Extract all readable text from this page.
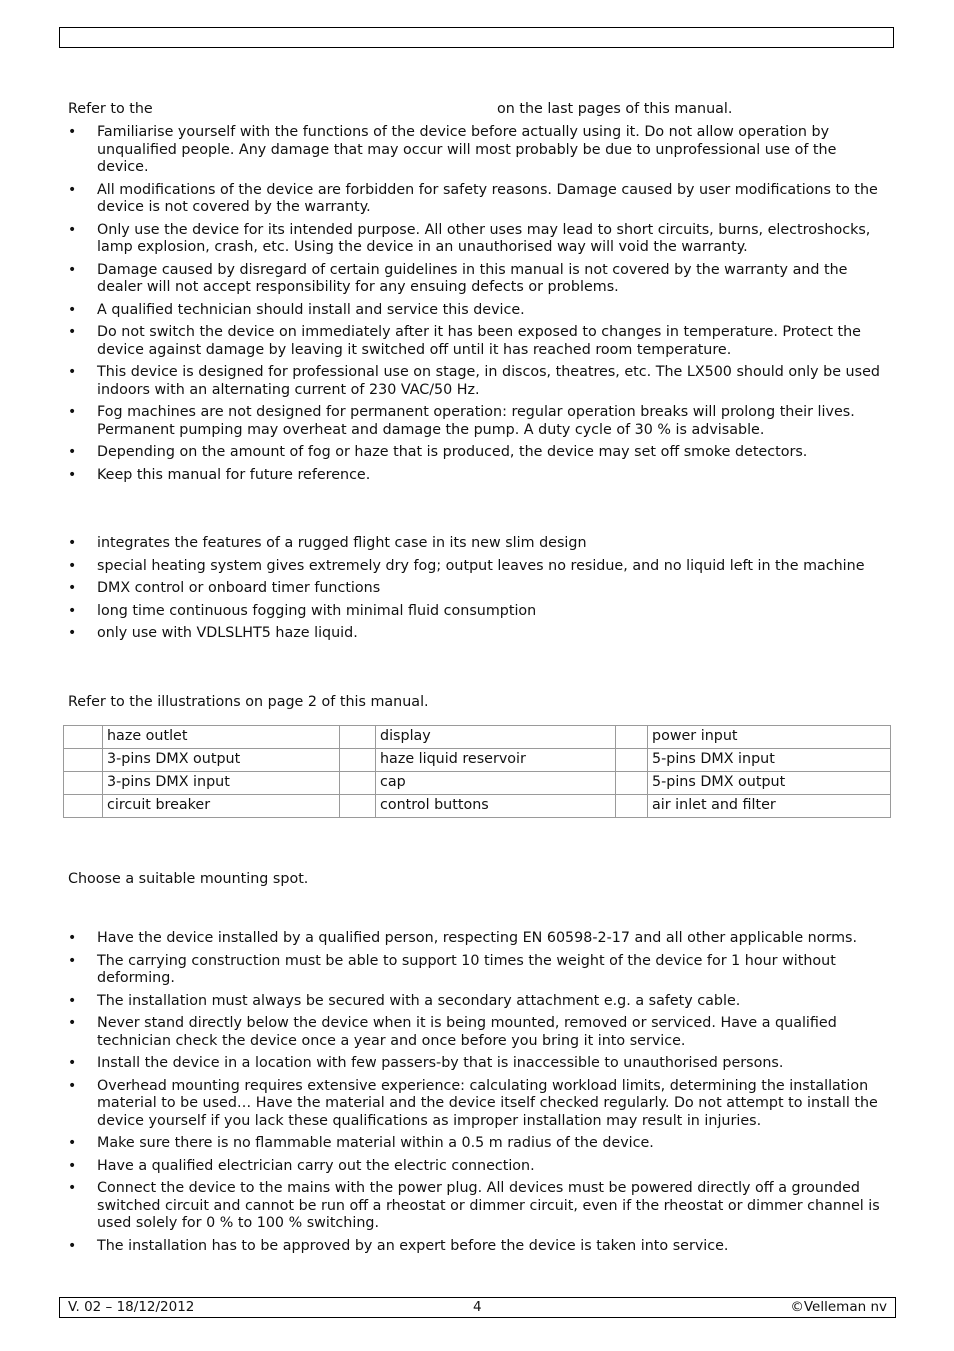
Refer to the	on the last pages of this manual.
• Familiarise yourself with the functions of the device before actually using it. Do not allow operation by unqualified people. Any damage that may occur will most probably be due to unprofessional use of the device.
• All modifications of the device are forbidden for safety reasons. Damage caused by user modifications to the device is not covered by the warranty.
• Only use the device for its intended purpose. All other uses may lead to short circuits, burns, electroshocks, lamp explosion, crash, etc. Using the device in an unauthorised way will void the warranty.
• Damage caused by disregard of certain guidelines in this manual is not covered by the warranty and the dealer will not accept responsibility for any ensuing defects or problems.
• A qualified technician should install and service this device.
• Do not switch the device on immediately after it has been exposed to changes in temperature. Protect the device against damage by leaving it switched off until it has reached room temperature.
• This device is designed for professional use on stage, in discos, theatres, etc. The LX500 should only be used indoors with an alternating current of 230 VAC/50 Hz.
• Fog machines are not designed for permanent operation: regular operation breaks will prolong their lives. Permanent pumping may overheat and damage the pump. A duty cycle of 30 % is advisable.
• Depending on the amount of fog or haze that is produced, the device may set off smoke detectors.
• Keep this manual for future reference.
• integrates the features of a rugged flight case in its new slim design
• special heating system gives extremely dry fog; output leaves no residue, and no liquid left in the machine
• DMX control or onboard timer functions
• long time continuous fogging with minimal fluid consumption
• only use with VDLSLHT5 haze liquid.
Refer to the illustrations on page 2 of this manual.
	haze outlet		display		power input
	3-pins DMX output		haze liquid reservoir		5-pins DMX input
	3-pins DMX input		cap		5-pins DMX output
	circuit breaker		control buttons		air inlet and filter
Choose a suitable mounting spot.
• Have the device installed by a qualified person, respecting EN 60598-2-17 and all other applicable norms.
• The carrying construction must be able to support 10 times the weight of the device for 1 hour without deforming.
• The installation must always be secured with a secondary attachment e.g. a safety cable.
• Never stand directly below the device when it is being mounted, removed or serviced. Have a qualified technician check the device once a year and once before you bring it into service.
• Install the device in a location with few passers-by that is inaccessible to unauthorised persons.
• Overhead mounting requires extensive experience: calculating workload limits, determining the installation material to be used… Have the material and the device itself checked regularly. Do not attempt to install the device yourself if you lack these qualifications as improper installation may result in injuries.
• Make sure there is no flammable material within a 0.5 m radius of the device.
• Have a qualified electrician carry out the electric connection.
• Connect the device to the mains with the power plug. All devices must be powered directly off a grounded switched circuit and cannot be run off a rheostat or dimmer circuit, even if the rheostat or dimmer channel is used solely for 0 % to 100 % switching.
• The installation has to be approved by an expert before the device is taken into service.
V. 02 – 18/12/2012	4	©Velleman nv
